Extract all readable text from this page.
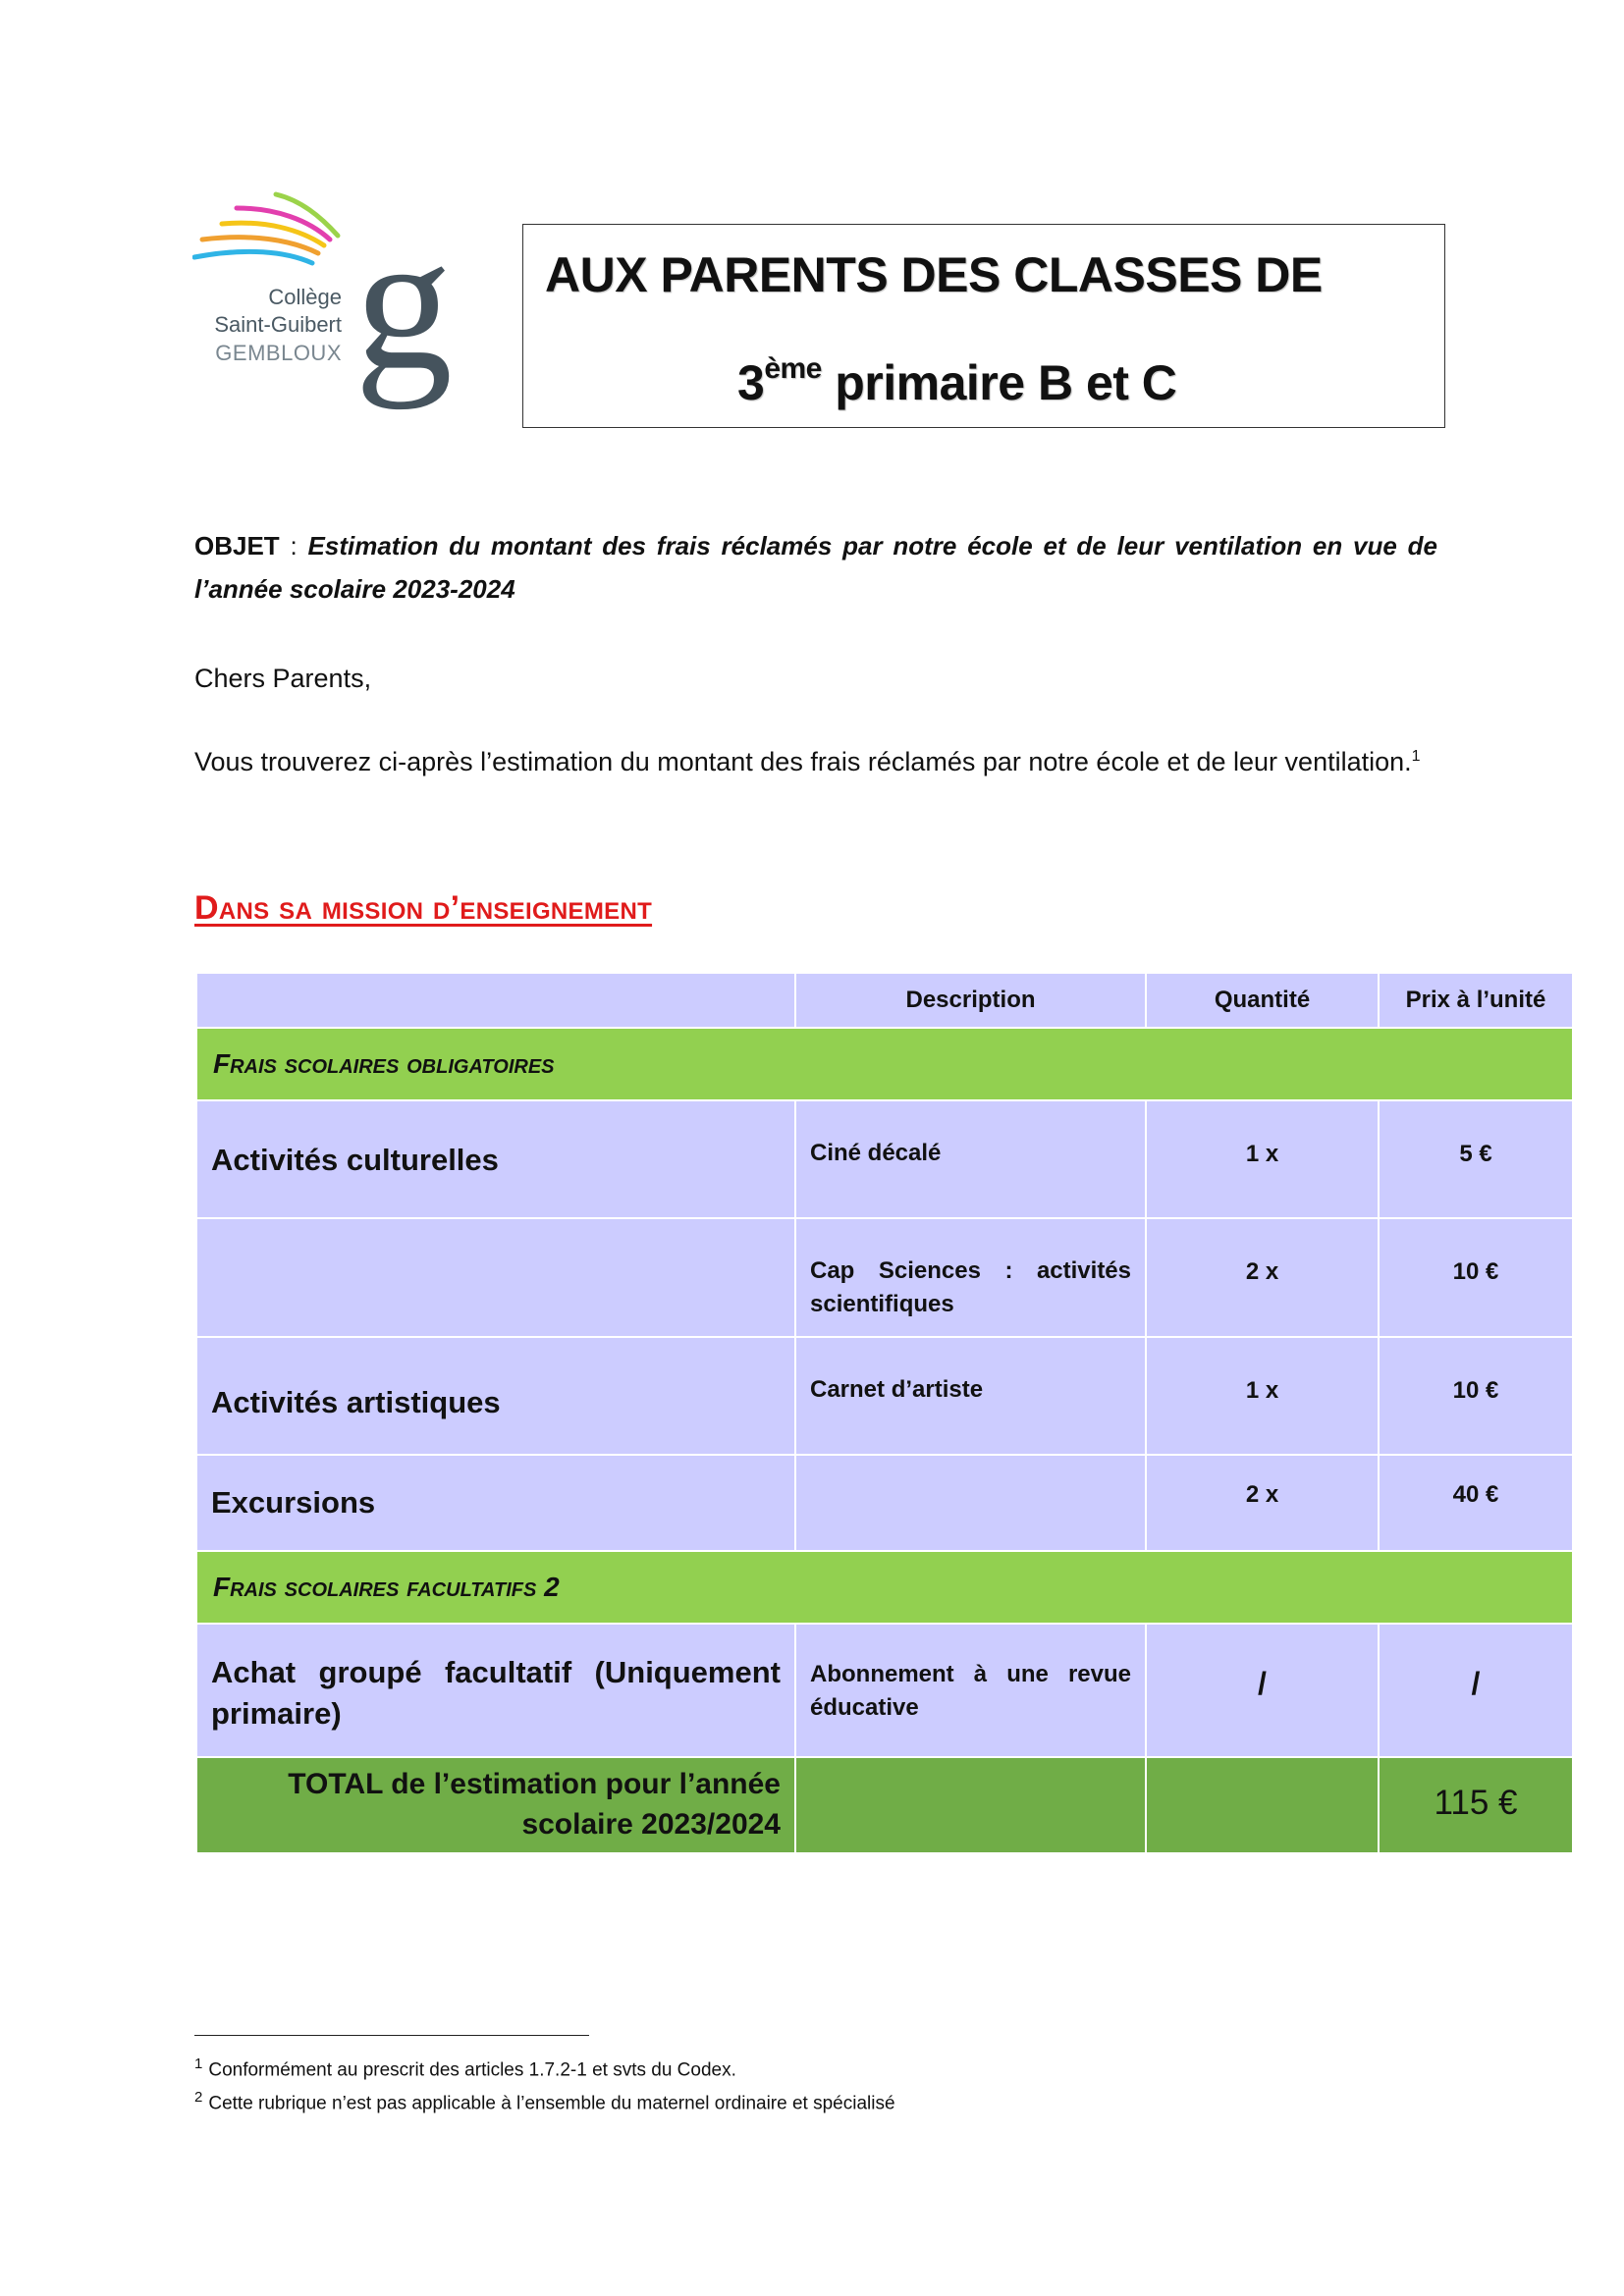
Collège
Saint-Guibert
GEMBLOUX g AUX PARENTS DES CLASSES DE
3ème primaire B et C
OBJET : Estimation du montant des frais réclamés par notre école et de leur ventilation en vue de l’année scolaire 2023-2024
Chers Parents,
Vous trouverez ci-après l’estimation du montant des frais réclamés par notre école et de leur ventilation.$^1$
Dans sa mission d’enseignement
	Description	Quantité	Prix à l’unité
Frais scolaires obligatoires			
Activités culturelles	Ciné décalé	1 x	5 €
	Cap Sciences : activités scientifiques	2 x	10 €
Activités artistiques	Carnet d’artiste	1 x	10 €
Excursions		2 x	40 €
Frais scolaires facultatifs 2			
Achat groupé facultatif (Uniquement primaire)	Abonnement à une revue éducative	/	/
TOTAL de l’estimation pour l’année scolaire 2023/2024			115 €
$^1$ Conformément au prescrit des articles 1.7.2-1 et svts du Codex.
$^2$ Cette rubrique n’est pas applicable à l’ensemble du maternel ordinaire et spécialisé
